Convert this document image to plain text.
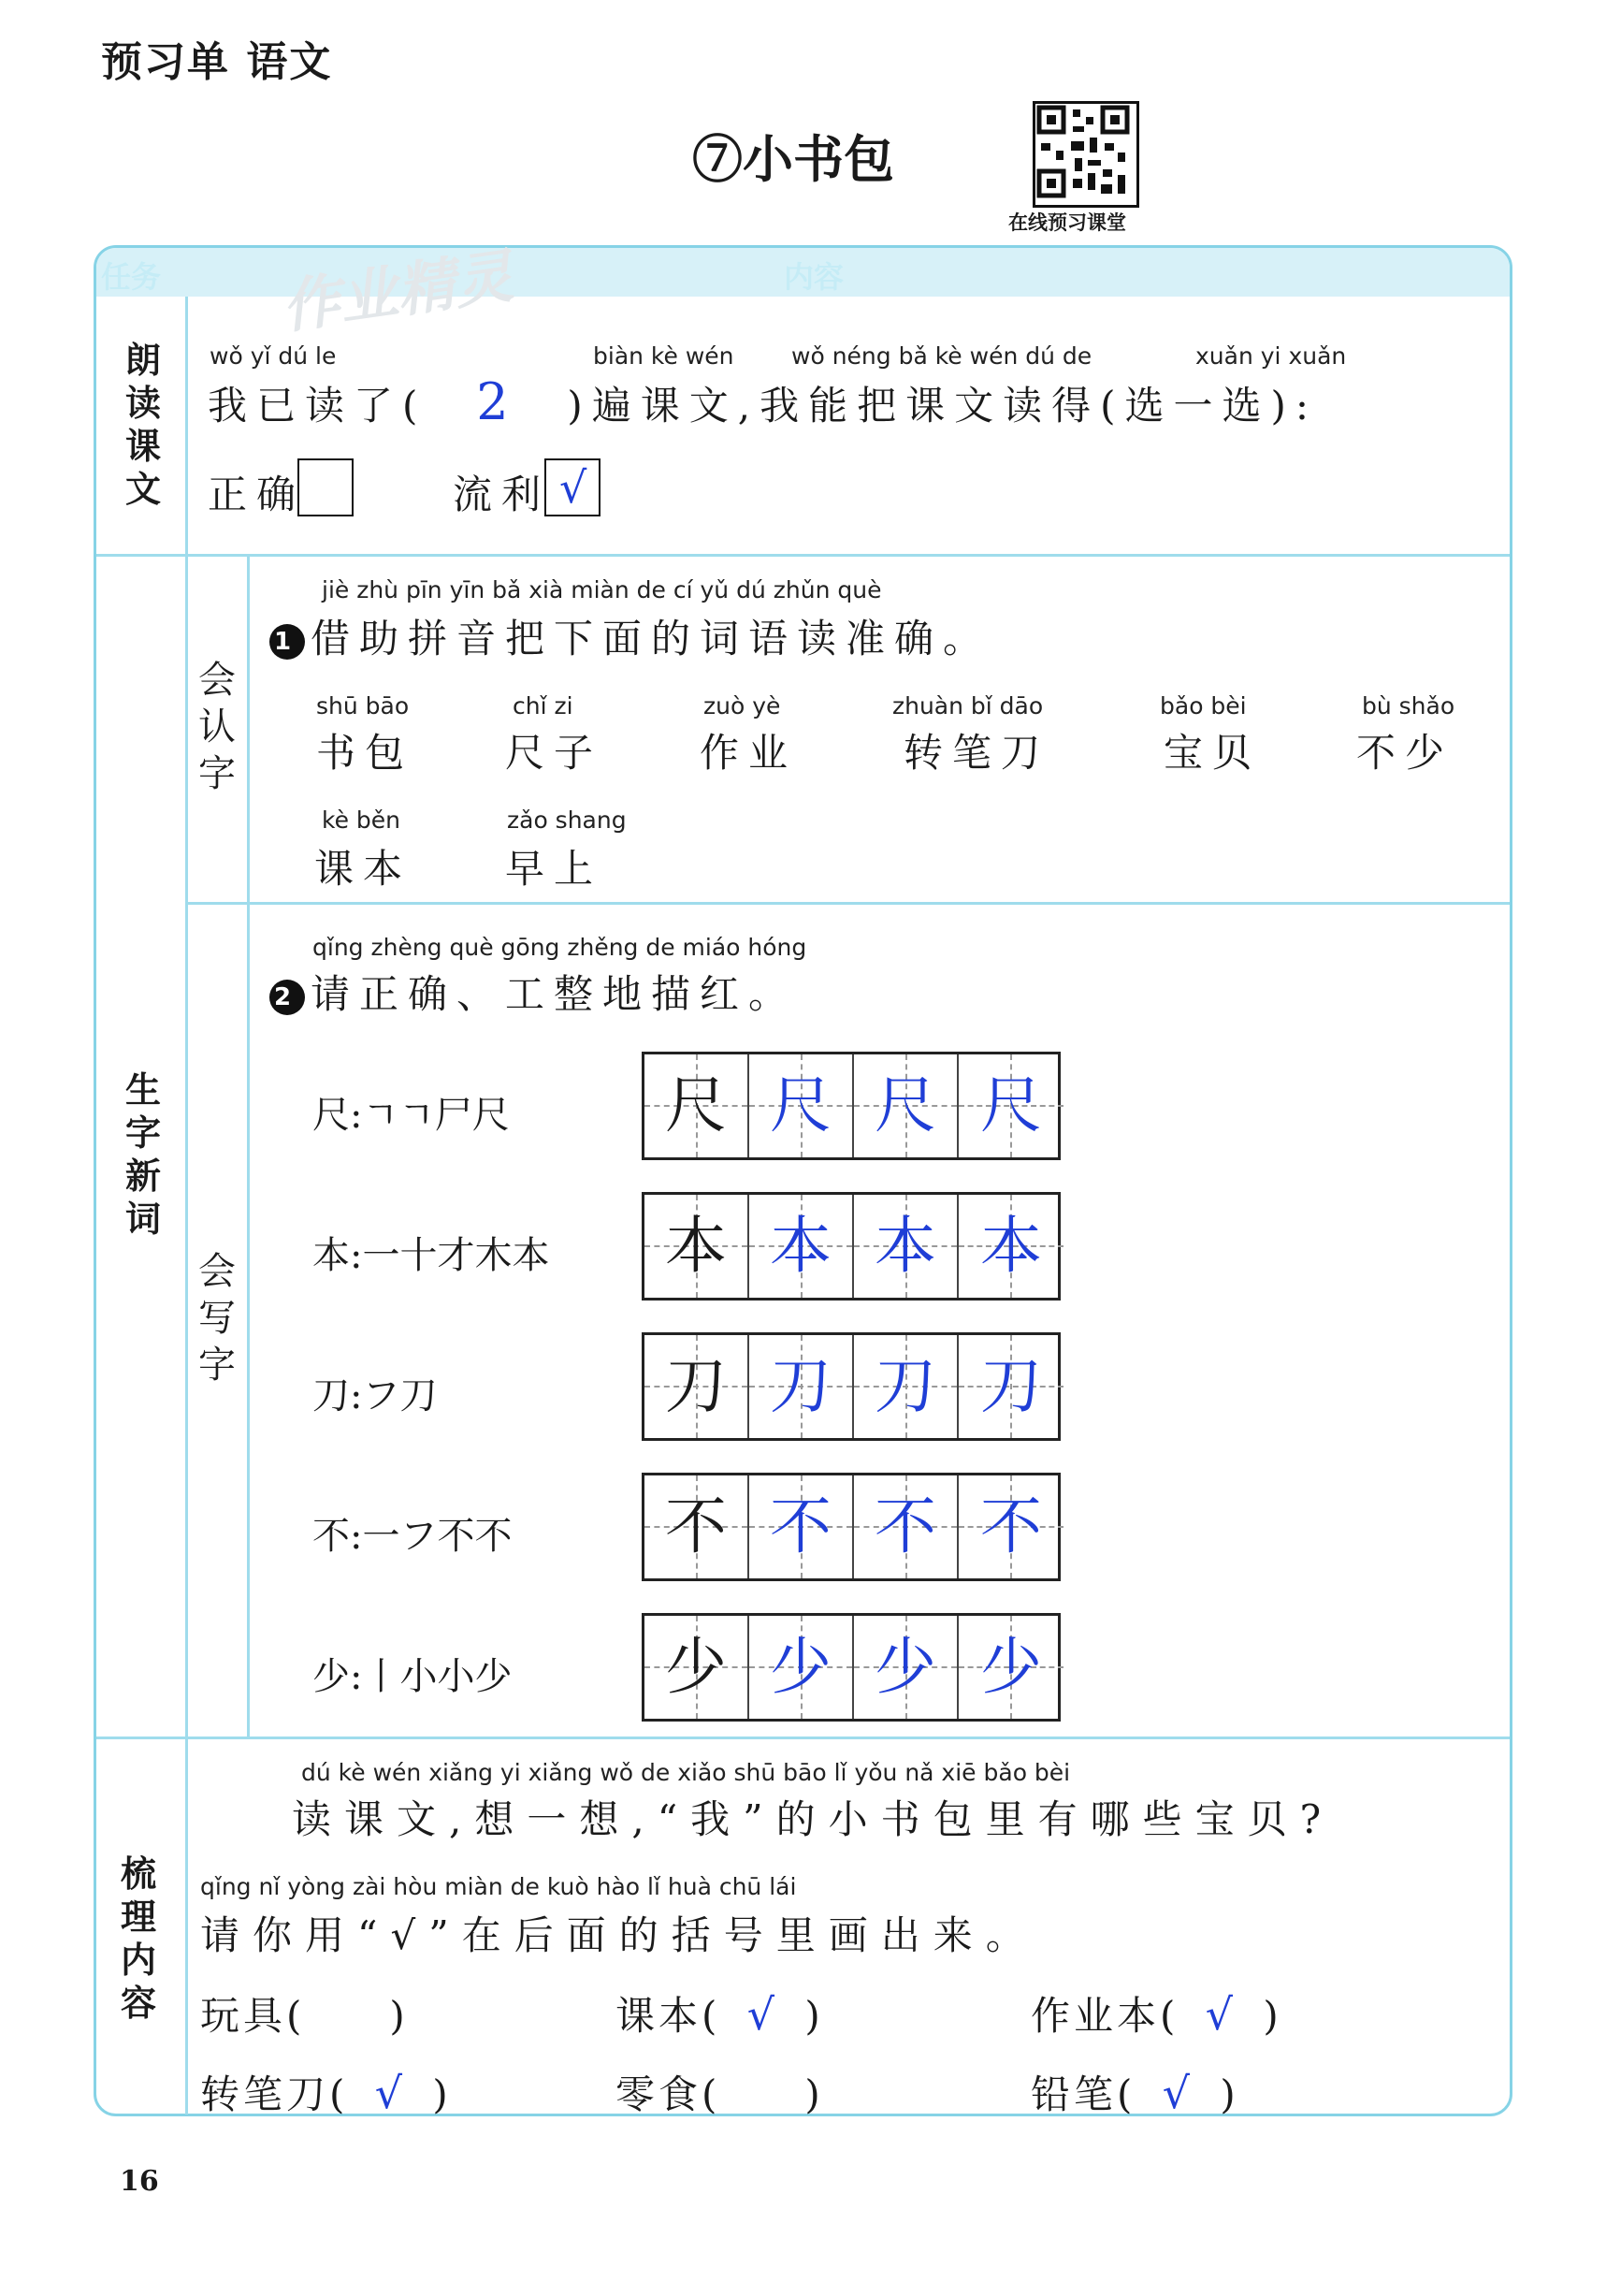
预习单 语文
⑦小书包
在线预习课堂
任务	内容
作业精灵
朗读课文
wǒ yǐ dú le	biàn kè wén wǒ néng bǎ kè wén dú de	xuǎn yi xuǎn
我已读了( 2 )遍课文,我能把课文读得(选一选):
正确	流利 √
生字新词
会认字
会写字
jiè zhù pīn yīn bǎ xià miàn de cí yǔ dú zhǔn què
1 借助拼音把下面的词语读准确。
shū bāo
书包
chǐ zi
尺子
zuò yè
作业
zhuàn bǐ dāo
转笔刀
bǎo bèi
宝贝
bù shǎo
不少
kè běn
课本
zǎo shang
早上
qǐng zhèng què gōng zhěng de miáo hóng
2 请正确、工整地描红。
尺:ㄱㄱ尸尺	尺 尺 尺 尺
本:一十才木本	本 本 本 本
刀:フ刀	刀 刀 刀 刀
不:一フ不不	不 不 不 不
少:丨小小少	少 少 少 少
梳理内容
dú kè wén xiǎng yi xiǎng wǒ de xiǎo shū bāo lǐ yǒu nǎ xiē bǎo bèi
读课文,想一想,“我”的小书包里有哪些宝贝?
qǐng nǐ yòng zài hòu miàn de kuò hào lǐ huà chū lái
请你用“√”在后面的括号里画出来。
玩具( )	课本( √ )	作业本( √ )
转笔刀( √ )	零食( )	铅笔( √ )
16
